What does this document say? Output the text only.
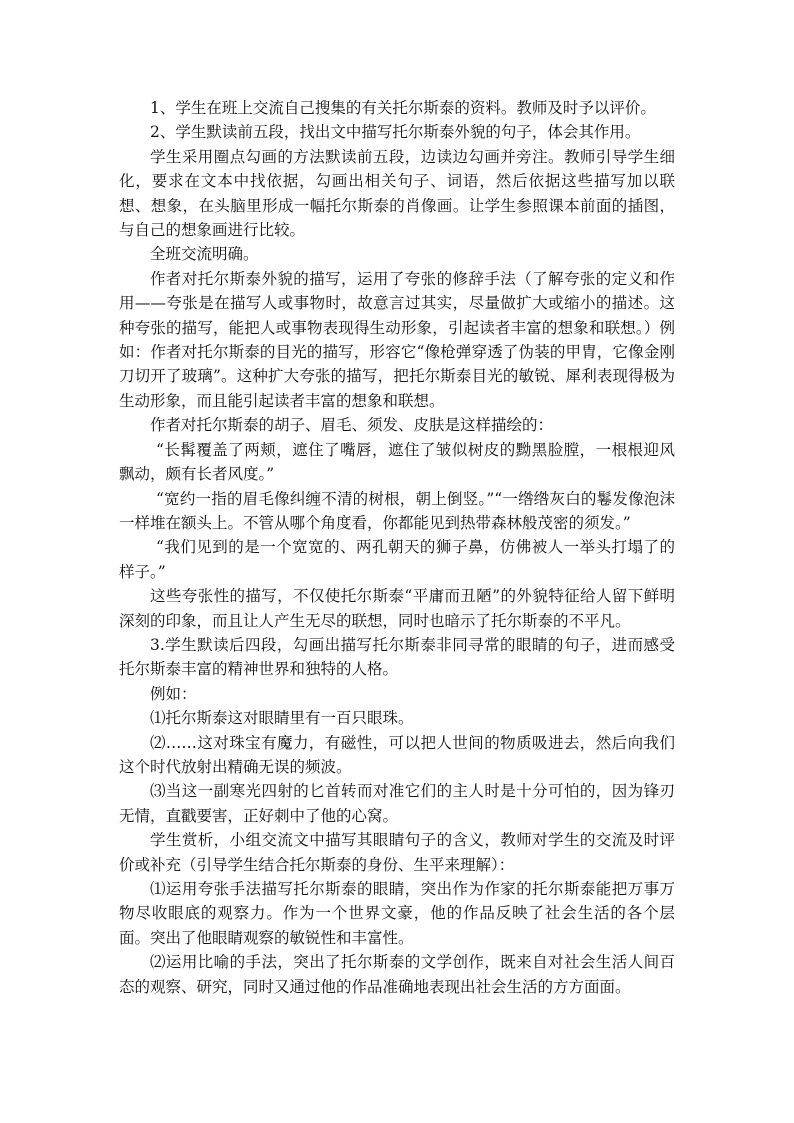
1、学生在班上交流自己搜集的有关托尔斯泰的资料。教师及时予以评价。

2、学生默读前五段，找出文中描写托尔斯泰外貌的句子，体会其作用。

学生采用圈点勾画的方法默读前五段，边读边勾画并旁注。教师引导学生细化，要求在文本中找依据，勾画出相关句子、词语，然后依据这些描写加以联想、想象，在头脑里形成一幅托尔斯泰的肖像画。让学生参照课本前面的插图，与自己的想象画进行比较。

全班交流明确。

作者对托尔斯泰外貌的描写，运用了夸张的修辞手法（了解夸张的定义和作用——夸张是在描写人或事物时，故意言过其实，尽量做扩大或缩小的描述。这种夸张的描写，能把人或事物表现得生动形象，引起读者丰富的想象和联想。）例如：作者对托尔斯泰的目光的描写，形容它“像枪弹穿透了伪装的甲胄，它像金刚刀切开了玻璃”。这种扩大夸张的描写，把托尔斯泰目光的敏锐、犀利表现得极为生动形象，而且能引起读者丰富的想象和联想。

作者对托尔斯泰的胡子、眉毛、须发、皮肤是这样描绘的：

“长髯覆盖了两颊，遮住了嘴唇，遮住了皱似树皮的黝黑脸膛，一根根迎风飘动，颇有长者风度。”

“宽约一指的眉毛像纠缠不清的树根，朝上倒竖。”“一绺绺灰白的鬈发像泡沫一样堆在额头上。不管从哪个角度看，你都能见到热带森林般茂密的须发。”

“我们见到的是一个宽宽的、两孔朝天的狮子鼻，仿佛被人一举头打塌了的样子。”

这些夸张性的描写，不仅使托尔斯泰“平庸而丑陋”的外貌特征给人留下鲜明深刻的印象，而且让人产生无尽的联想，同时也暗示了托尔斯泰的不平凡。

3.学生默读后四段，勾画出描写托尔斯泰非同寻常的眼睛的句子，进而感受托尔斯泰丰富的精神世界和独特的人格。

例如：

⑴托尔斯泰这对眼睛里有一百只眼珠。

⑵……这对珠宝有魔力，有磁性，可以把人世间的物质吸进去，然后向我们这个时代放射出精确无误的频波。

⑶当这一副寒光四射的匕首转而对准它们的主人时是十分可怕的，因为锋刃无情，直戳要害，正好刺中了他的心窝。

学生赏析，小组交流文中描写其眼睛句子的含义，教师对学生的交流及时评价或补充（引导学生结合托尔斯泰的身份、生平来理解）：

⑴运用夸张手法描写托尔斯泰的眼睛，突出作为作家的托尔斯泰能把万事万物尽收眼底的观察力。作为一个世界文豪，他的作品反映了社会生活的各个层面。突出了他眼睛观察的敏锐性和丰富性。

⑵运用比喻的手法，突出了托尔斯泰的文学创作，既来自对社会生活人间百态的观察、研究，同时又通过他的作品准确地表现出社会生活的方方面面。
